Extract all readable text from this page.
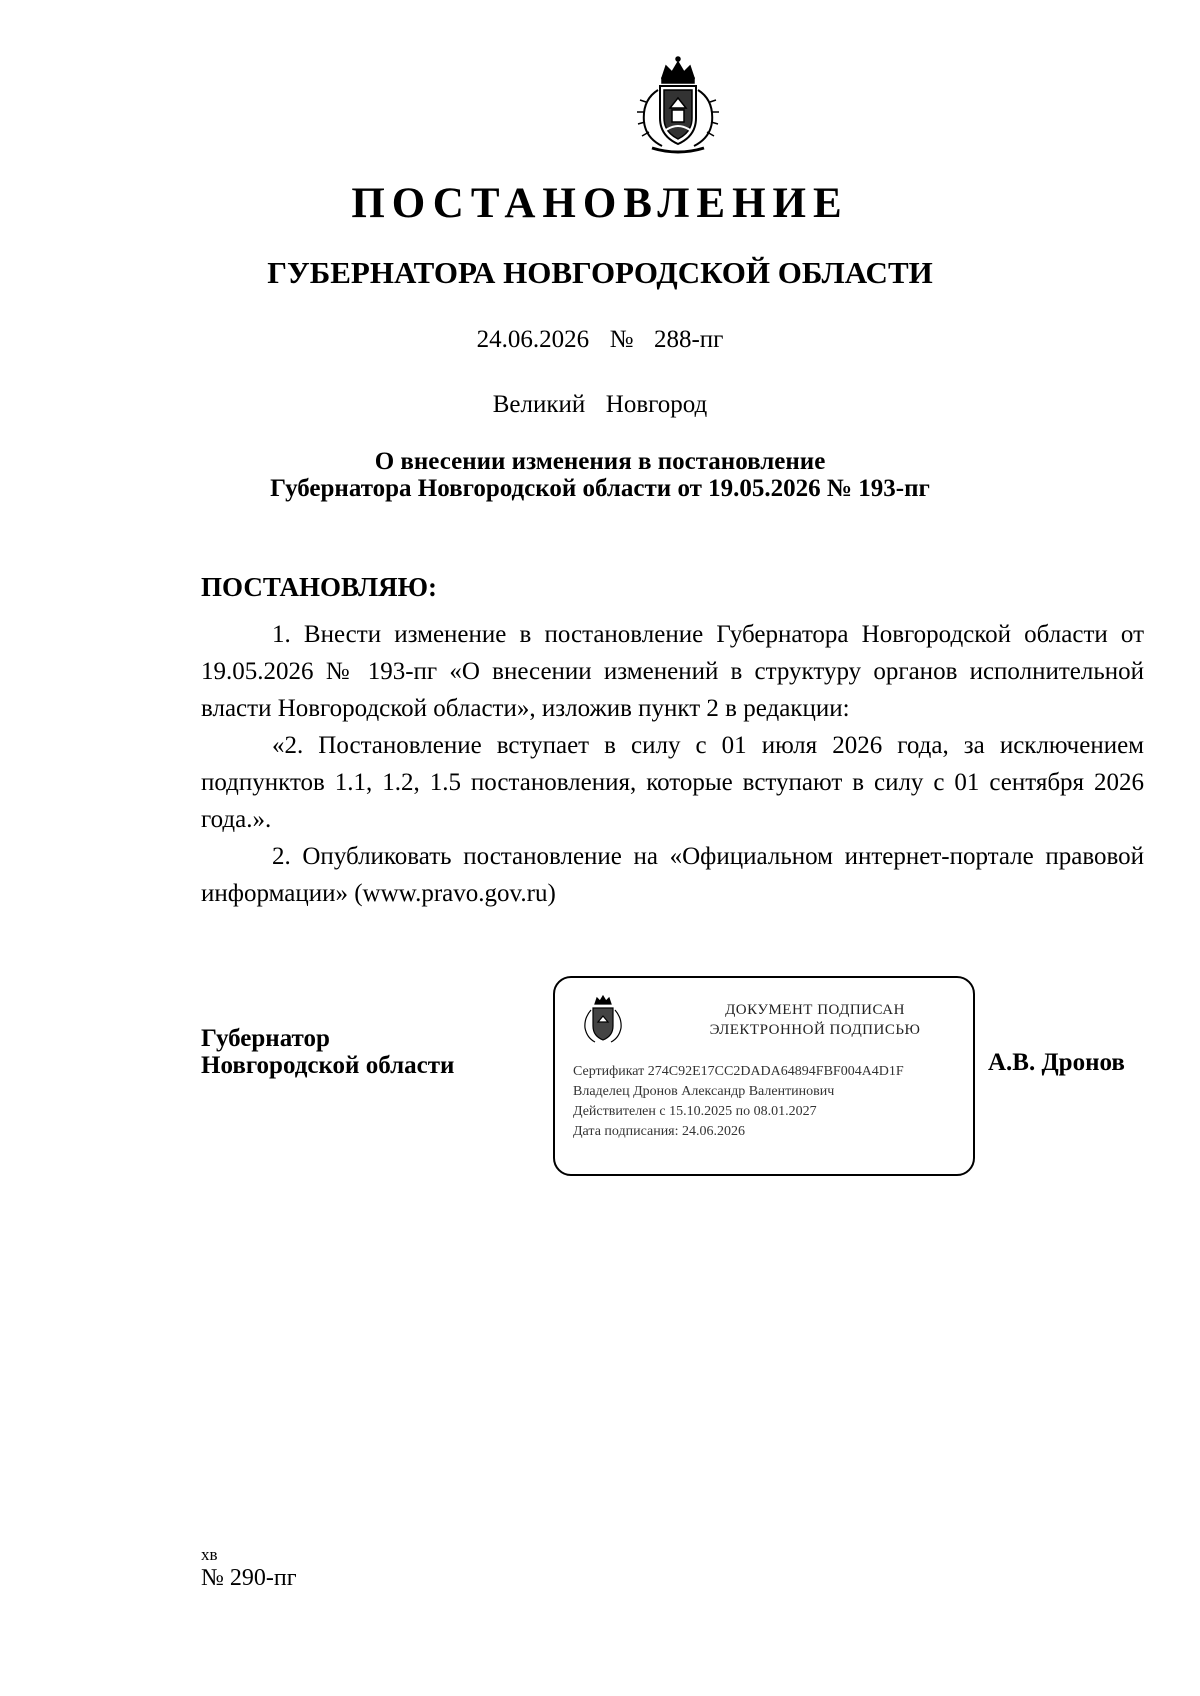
ПОСТАНОВЛЕНИЕ
ГУБЕРНАТОРА НОВГОРОДСКОЙ ОБЛАСТИ
24.06.2026  №  288-пг
Великий  Новгород
О внесении изменения в постановление
Губернатора Новгородской области от 19.05.2026 № 193-пг
ПОСТАНОВЛЯЮ:

1. Внести изменение в постановление Губернатора Новгородской области от 19.05.2026 № 193-пг «О внесении изменений в структуру органов исполнительной власти Новгородской области», изложив пункт 2 в редакции:

«2. Постановление вступает в силу с 01 июля 2026 года, за исключением подпунктов 1.1, 1.2, 1.5 постановления, которые вступают в силу с 01 сентября 2026 года.».

2. Опубликовать постановление на «Официальном интернет-портале правовой информации» (www.pravo.gov.ru)

Губернатор
Новгородской области
ДОКУМЕНТ ПОДПИСАН
ЭЛЕКТРОННОЙ ПОДПИСЬЮ
Сертификат 274C92E17CC2DADA64894FBF004A4D1F
Владелец Дронов Александр Валентинович
Действителен с 15.10.2025 по 08.01.2027
Дата подписания: 24.06.2026
А.В. Дронов
хв
№ 290-пг
